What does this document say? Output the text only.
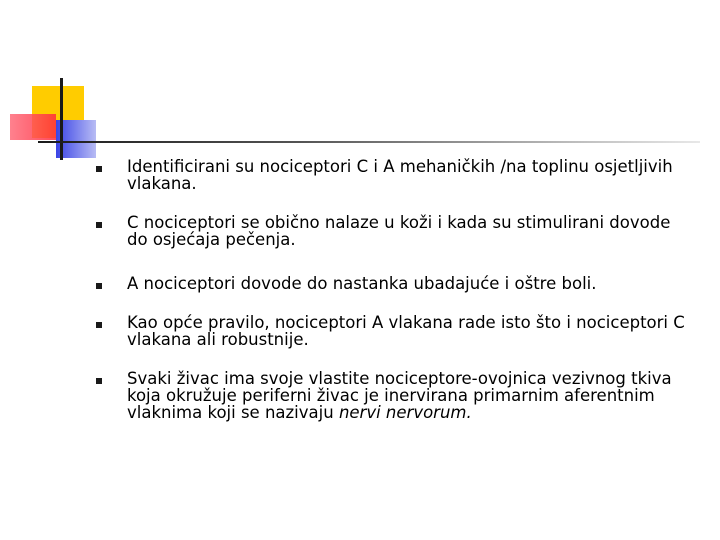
Identificirani su nociceptori C i A mehaničkih /na toplinu osjetljivih vlakana.
C nociceptori se obično nalaze u koži i kada su stimulirani dovode do osjećaja pečenja.
A nociceptori dovode do nastanka ubadajuće i oštre boli.
Kao opće pravilo, nociceptori A vlakana rade isto što i nociceptori C vlakana ali robustnije.
Svaki živac ima svoje vlastite nociceptore-ovojnica vezivnog tkiva koja okružuje periferni živac je inervirana primarnim aferentnim vlaknima koji se nazivaju nervi nervorum.
